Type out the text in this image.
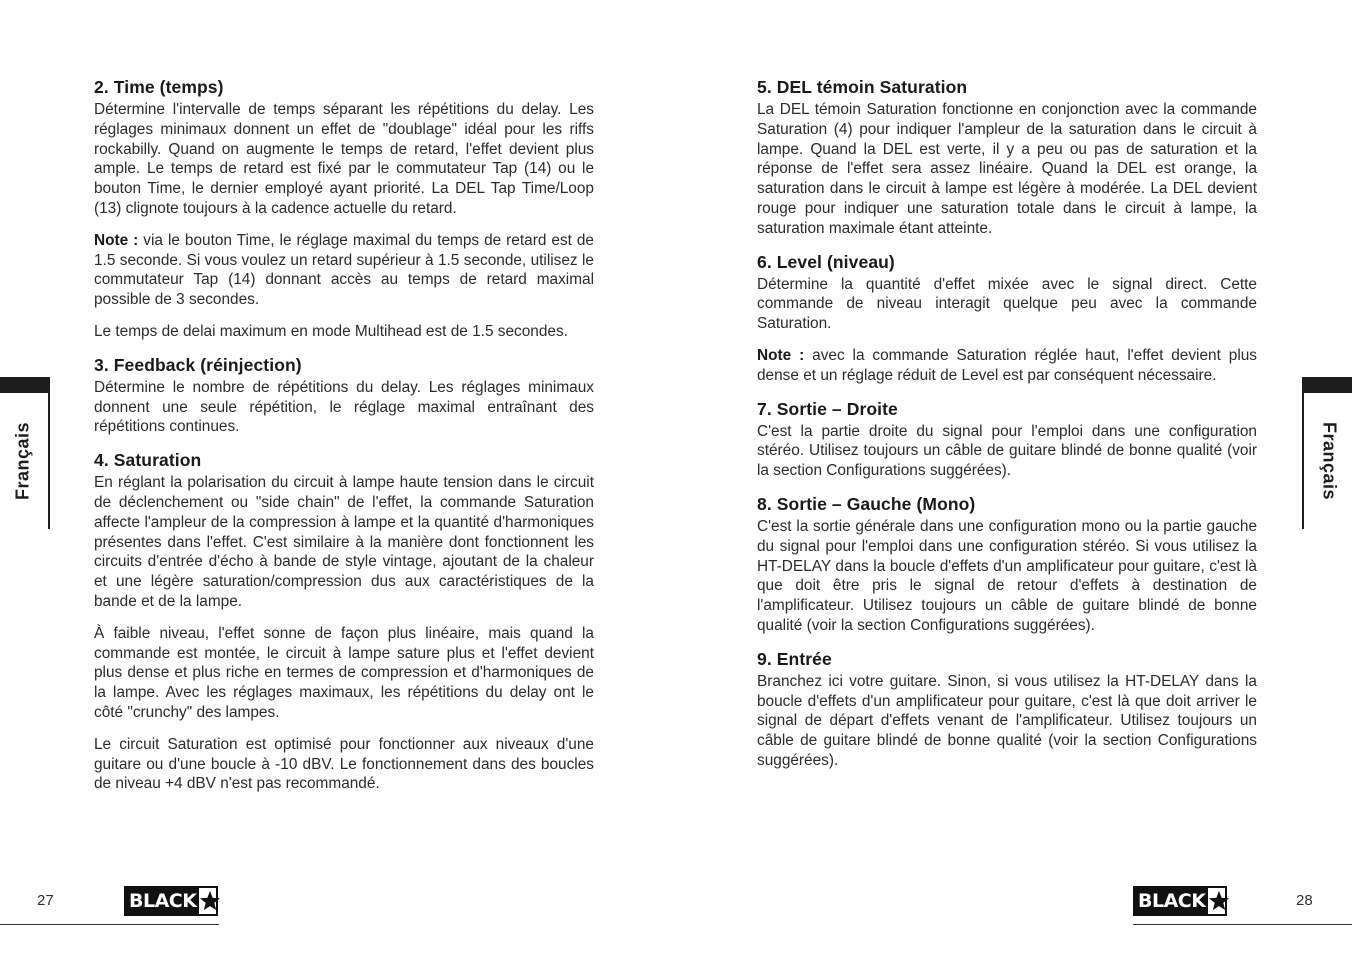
2. Time (temps)

Détermine l'intervalle de temps séparant les répétitions du delay. Les réglages minimaux donnent un effet de "doublage" idéal pour les riffs rockabilly. Quand on augmente le temps de retard, l'effet devient plus ample. Le temps de retard est fixé par le commutateur Tap (14) ou le bouton Time, le dernier employé ayant priorité. La DEL Tap Time/Loop (13) clignote toujours à la cadence actuelle du retard.

Note : via le bouton Time, le réglage maximal du temps de retard est de 1.5 seconde. Si vous voulez un retard supérieur à 1.5 seconde, utilisez le commutateur Tap (14) donnant accès au temps de retard maximal possible de 3 secondes.

Le temps de delai maximum en mode Multihead est de 1.5 secondes.

3. Feedback (réinjection)

Détermine le nombre de répétitions du delay. Les réglages minimaux donnent une seule répétition, le réglage maximal entraînant des répétitions continues.

4. Saturation

En réglant la polarisation du circuit à lampe haute tension dans le circuit de déclenchement ou "side chain" de l'effet, la commande Saturation affecte l'ampleur de la compression à lampe et la quantité d'harmoniques présentes dans l'effet. C'est similaire à la manière dont fonctionnent les circuits d'entrée d'écho à bande de style vintage, ajoutant de la chaleur et une légère saturation/compression dus aux caractéristiques de la bande et de la lampe.

À faible niveau, l'effet sonne de façon plus linéaire, mais quand la commande est montée, le circuit à lampe sature plus et l'effet devient plus dense et plus riche en termes de compression et d'harmoniques de la lampe. Avec les réglages maximaux, les répétitions du delay ont le côté "crunchy" des lampes.

Le circuit Saturation est optimisé pour fonctionner aux niveaux d'une guitare ou d'une boucle à -10 dBV. Le fonctionnement dans des boucles de niveau +4 dBV n'est pas recommandé.

5. DEL témoin Saturation

La DEL témoin Saturation fonctionne en conjonction avec la commande Saturation (4) pour indiquer l'ampleur de la saturation dans le circuit à lampe. Quand la DEL est verte, il y a peu ou pas de saturation et la réponse de l'effet sera assez linéaire. Quand la DEL est orange, la saturation dans le circuit à lampe est légère à modérée. La DEL devient rouge pour indiquer une saturation totale dans le circuit à lampe, la saturation maximale étant atteinte.

6. Level (niveau)

Détermine la quantité d'effet mixée avec le signal direct. Cette commande de niveau interagit quelque peu avec la commande Saturation.

Note : avec la commande Saturation réglée haut, l'effet devient plus dense et un réglage réduit de Level est par conséquent nécessaire.

7. Sortie – Droite

C'est la partie droite du signal pour l'emploi dans une configuration stéréo. Utilisez toujours un câble de guitare blindé de bonne qualité (voir la section Configurations suggérées).

8. Sortie – Gauche (Mono)

C'est la sortie générale dans une configuration mono ou la partie gauche du signal pour l'emploi dans une configuration stéréo. Si vous utilisez la HT-DELAY dans la boucle d'effets d'un amplificateur pour guitare, c'est là que doit être pris le signal de retour d'effets à destination de l'amplificateur. Utilisez toujours un câble de guitare blindé de bonne qualité (voir la section Configurations suggérées).

9. Entrée

Branchez ici votre guitare. Sinon, si vous utilisez la HT-DELAY dans la boucle d'effets d'un amplificateur pour guitare, c'est là que doit arriver le signal de départ d'effets venant de l'amplificateur. Utilisez toujours un câble de guitare blindé de bonne qualité (voir la section Configurations suggérées).

Français	Français
27	BLACK	BLACK	28
